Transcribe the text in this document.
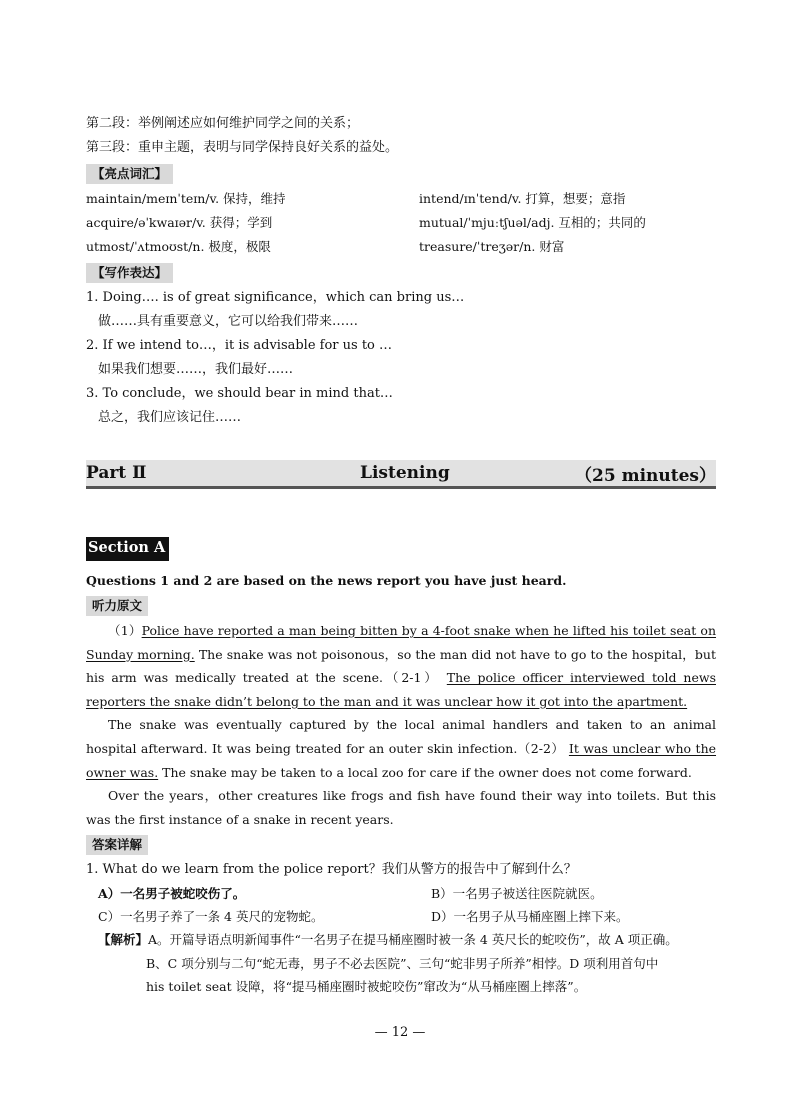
第二段：举例阐述应如何维护同学之间的关系；
第三段：重申主题，表明与同学保持良好关系的益处。
【亮点词汇】
maintain/meɪnˈteɪn/v. 保持，维持	intend/ɪnˈtend/v. 打算，想要；意指
acquire/əˈkwaɪər/v. 获得；学到	mutual/ˈmjuːtʃuəl/adj. 互相的；共同的
utmost/ˈʌtmoʊst/n. 极度，极限	treasure/ˈtreʒər/n. 财富
【写作表达】
1. Doing…. is of great significance，which can bring us…
做……具有重要意义，它可以给我们带来……
2. If we intend to…，it is advisable for us to …
如果我们想要……，我们最好……
3. To conclude，we should bear in mind that…
总之，我们应该记住……
Part Ⅱ	Listening	（25 minutes）
Section A
Questions 1 and 2 are based on the news report you have just heard.
听力原文
（1）Police have reported a man being bitten by a 4-foot snake when he lifted his toilet seat on Sunday morning. The snake was not poisonous，so the man did not have to go to the hospital，but his arm was medically treated at the scene.（2-1） The police officer interviewed told news reporters the snake didn’t belong to the man and it was unclear how it got into the apartment.
The snake was eventually captured by the local animal handlers and taken to an animal hospital afterward. It was being treated for an outer skin infection.（2-2） It was unclear who the owner was. The snake may be taken to a local zoo for care if the owner does not come forward.
Over the years，other creatures like frogs and fish have found their way into toilets. But this was the first instance of a snake in recent years.
答案详解
1. What do we learn from the police report？我们从警方的报告中了解到什么？
A）一名男子被蛇咬伤了。	B）一名男子被送往医院就医。
C）一名男子养了一条 4 英尺的宠物蛇。	D）一名男子从马桶座圈上摔下来。
【解析】A。开篇导语点明新闻事件“一名男子在提马桶座圈时被一条 4 英尺长的蛇咬伤”，故 A 项正确。
B、C 项分别与二句“蛇无毒，男子不必去医院”、三句“蛇非男子所养”相悖。D 项利用首句中
his toilet seat 设障，将“提马桶座圈时被蛇咬伤”窜改为“从马桶座圈上摔落”。
— 12 —
